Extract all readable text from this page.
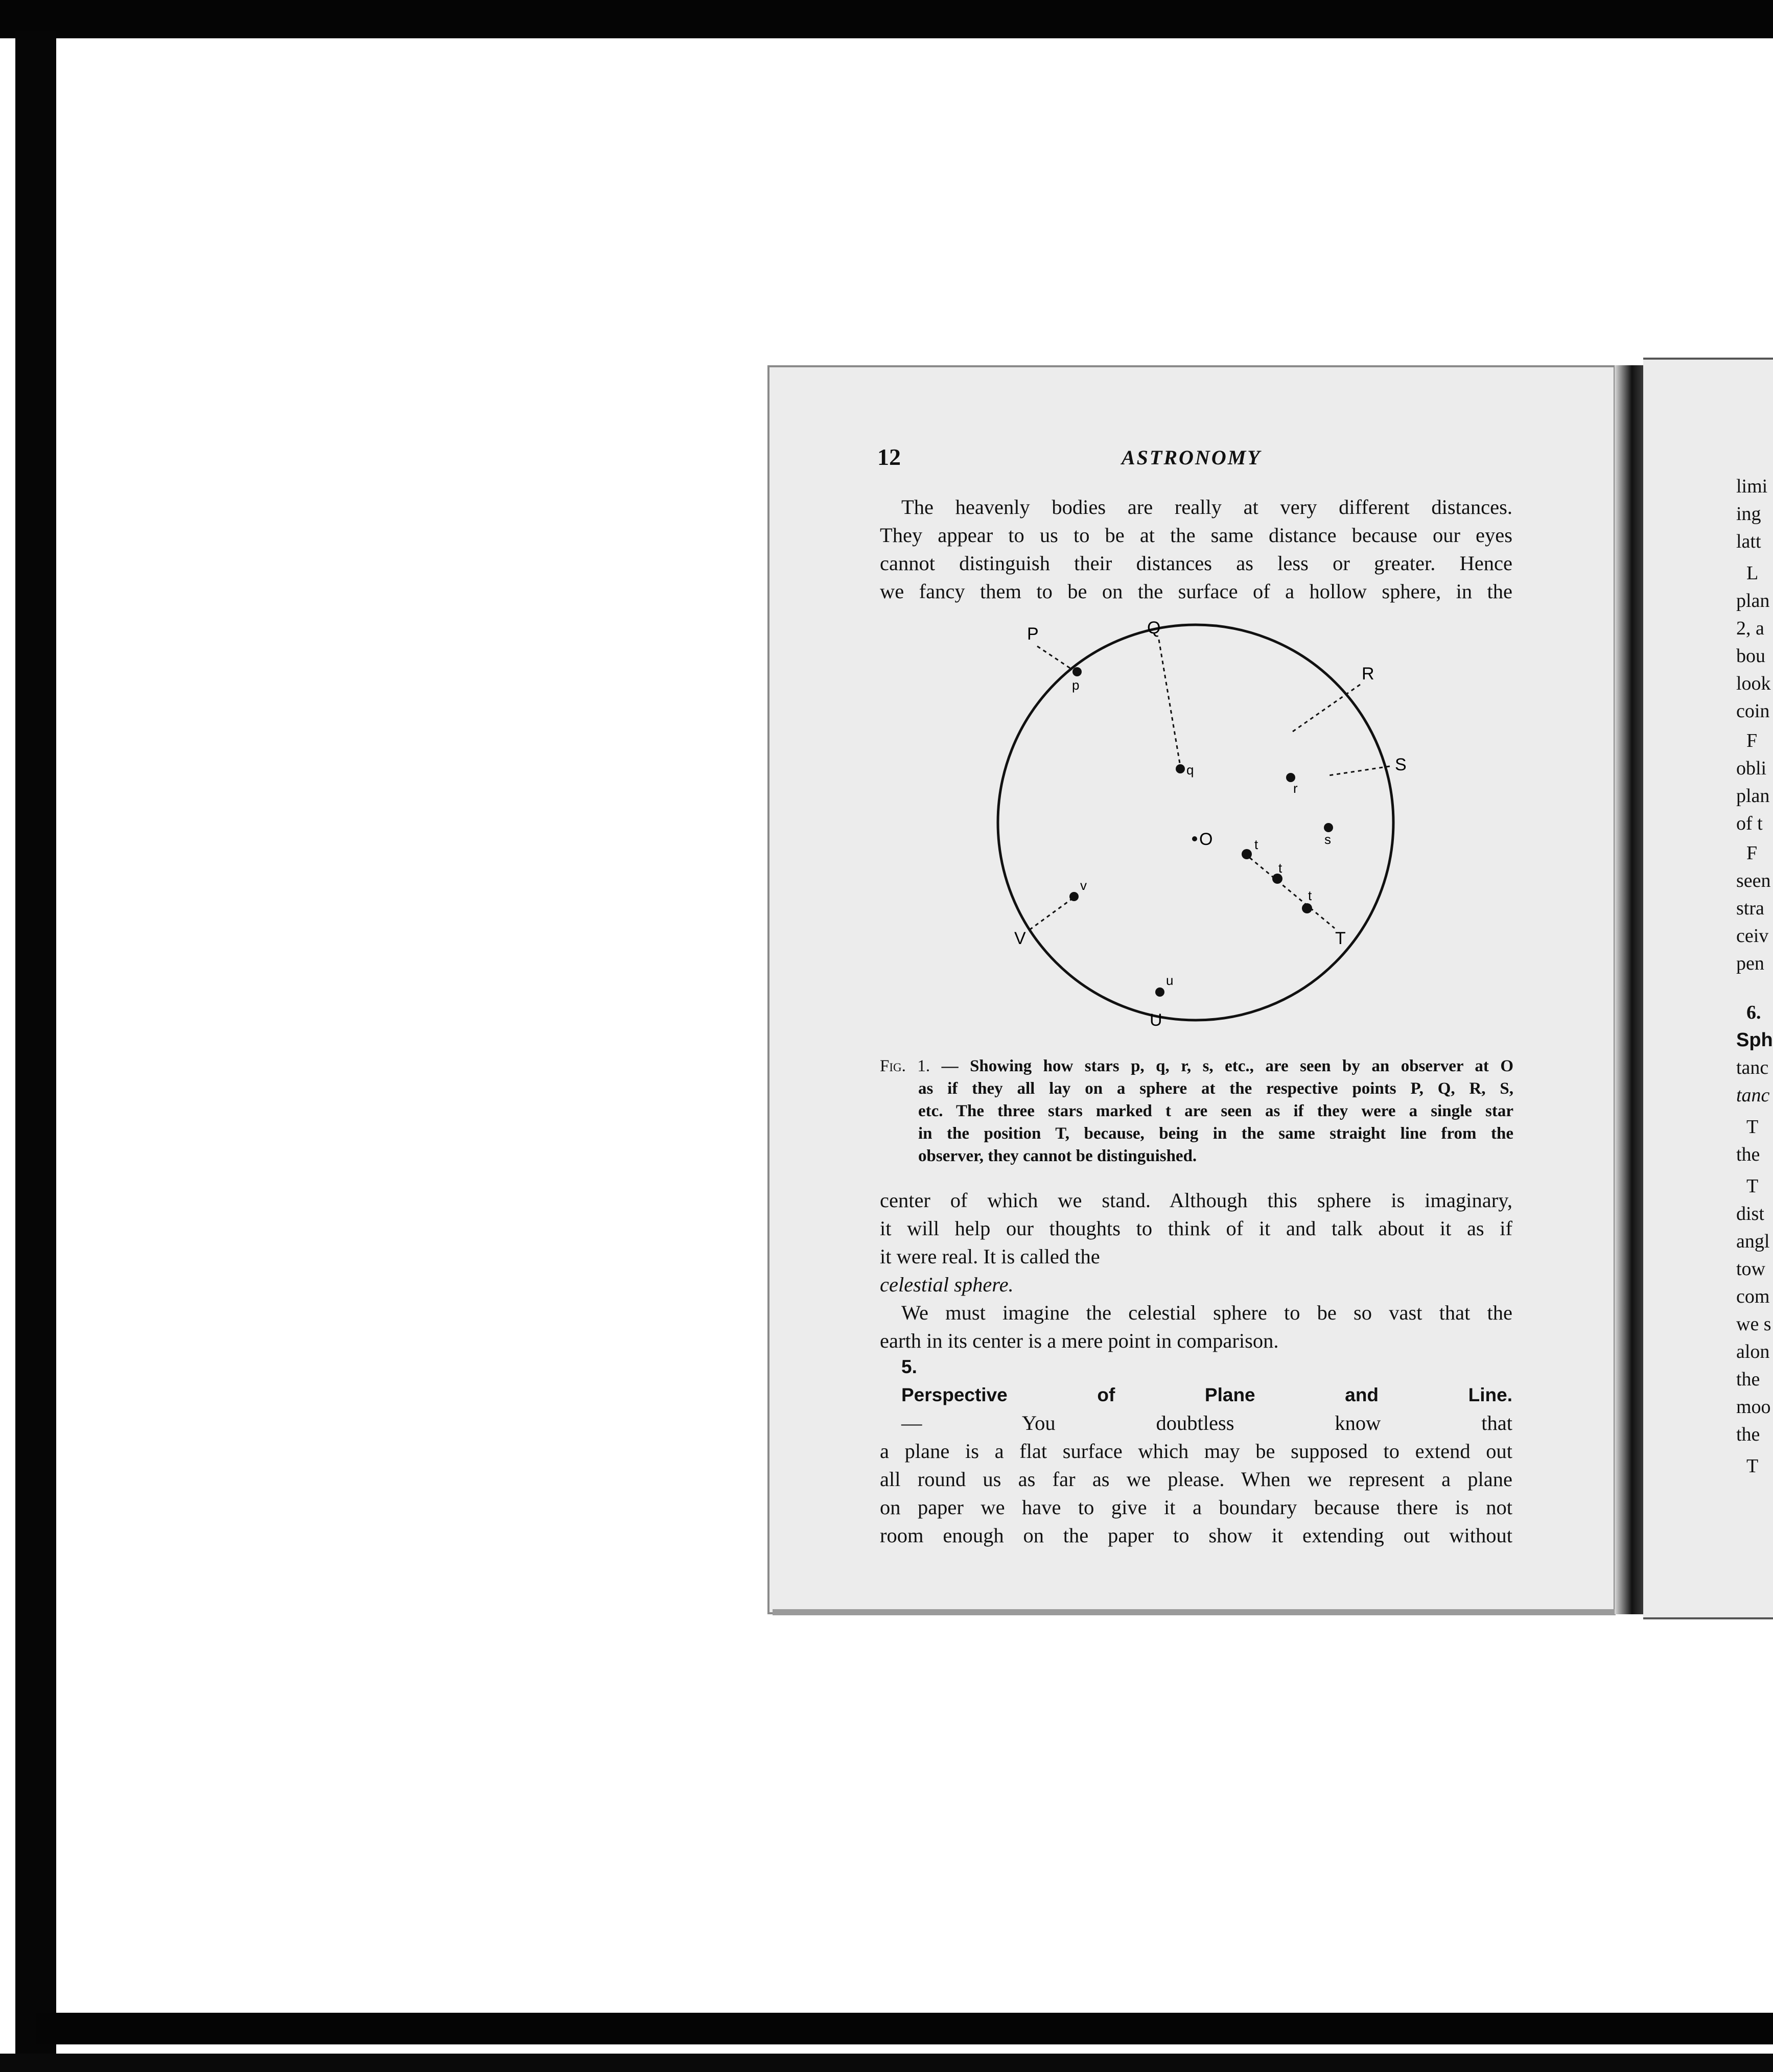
12	ASTRONOMY
The heavenly bodies are really at very different distances.
They appear to us to be at the same distance because our eyes
cannot distinguish their distances as less or greater. Hence
we fancy them to be on the surface of a hollow sphere, in the
P	Q
R
S
T
U
V
O
p
q
r
s
t
t
t
u
v
Fig. 1. — Showing how stars p, q, r, s, etc., are seen by an observer at O
as if they all lay on a sphere at the respective points P, Q, R, S,
etc. The three stars marked t are seen as if they were a single star
in the position T, because, being in the same straight line from the
observer, they cannot be distinguished.
center of which we stand. Although this sphere is imaginary,
it will help our thoughts to think of it and talk about it as if
it were real. It is called the
celestial sphere.
We must imagine the celestial sphere to be so vast that the
earth in its center is a mere point in comparison.
5.
Perspective of Plane and Line.
— You doubtless know that
a plane is a flat surface which may be supposed to extend out
all round us as far as we please. When we represent a plane
on paper we have to give it a boundary because there is not
room enough on the paper to show it extending out without
limi
ing
latt
L
plan
2, a
bou
look
coin
F
obli
plan
of t
F
seen
stra
ceiv
pen
6.
Sph
tanc
tanc
T
the
T
dist
angl
tow
com
we s
alon
the
moo
the
T
